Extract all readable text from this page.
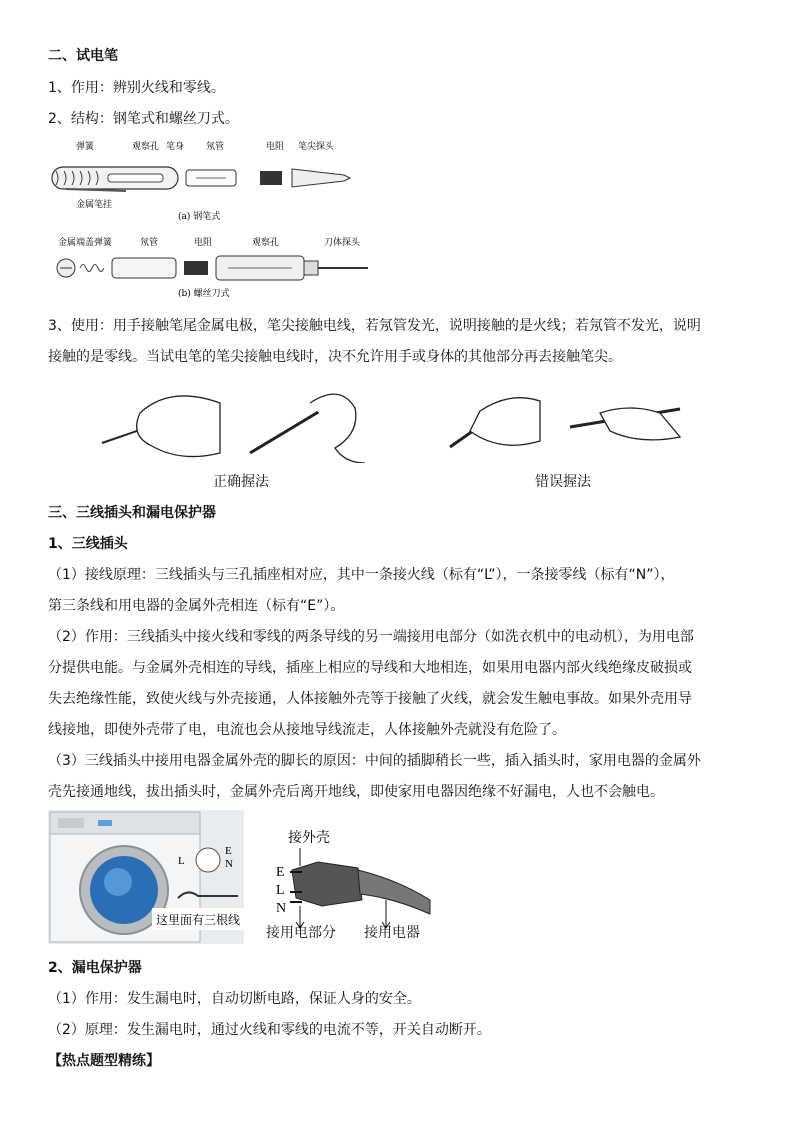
二、试电笔
1、作用：辨别火线和零线。
2、结构：钢笔式和螺丝刀式。
弹簧	观察孔 笔身 氖管	电阻 笔尖探头
金属笔挂
(a) 钢笔式
金属端盖 弹簧	氖管	电阻	观察孔	刀体探头
(b) 螺丝刀式
3、使用：用手接触笔尾金属电极，笔尖接触电线，若氖管发光，说明接触的是火线；若氖管不发光，说明
接触的是零线。当试电笔的笔尖接触电线时，决不允许用手或身体的其他部分再去接触笔尖。
正确握法	错误握法
三、三线插头和漏电保护器
1、三线插头
（1）接线原理：三线插头与三孔插座相对应，其中一条接火线（标有“L”），一条接零线（标有“N”），
第三条线和用电器的金属外壳相连（标有“E”）。
（2）作用：三线插头中接火线和零线的两条导线的另一端接用电部分（如洗衣机中的电动机），为用电部
分提供电能。与金属外壳相连的导线，插座上相应的导线和大地相连，如果用电器内部火线绝缘皮破损或
失去绝缘性能，致使火线与外壳接通，人体接触外壳等于接触了火线，就会发生触电事故。如果外壳用导
线接地，即使外壳带了电，电流也会从接地导线流走，人体接触外壳就没有危险了。
（3）三线插头中接用电器金属外壳的脚长的原因：中间的插脚稍长一些，插入插头时，家用电器的金属外
壳先接通地线，拔出插头时，金属外壳后离开地线，即使家用电器因绝缘不好漏电，人也不会触电。
L
E
N
这里面有三根线
接外壳
E
L
N
接用电部分 接用电器
2、漏电保护器
（1）作用：发生漏电时，自动切断电路，保证人身的安全。
（2）原理：发生漏电时，通过火线和零线的电流不等，开关自动断开。
【热点题型精练】
